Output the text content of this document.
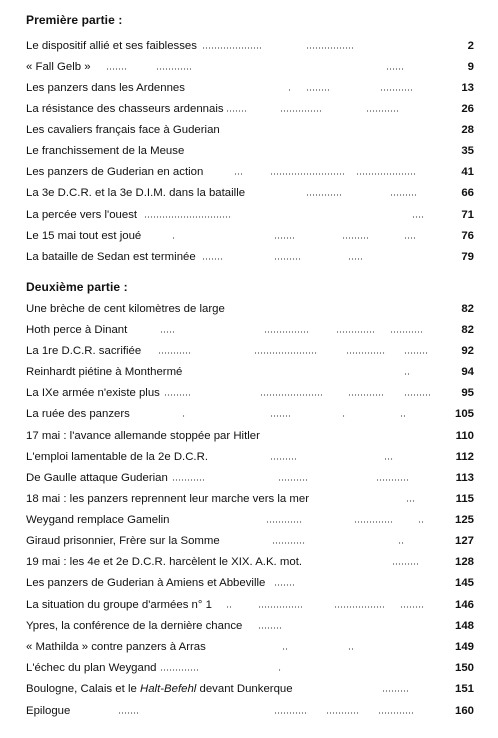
Première partie :
Le dispositif allié et ses faiblesses	2
« Fall Gelb »	9
Les panzers dans les Ardennes	13
La résistance des chasseurs ardennais	26
Les cavaliers français face à Guderian	28
Le franchissement de la Meuse	35
Les panzers de Guderian en action	41
La 3e D.C.R. et la 3e D.I.M. dans la bataille	66
La percée vers l'ouest	71
Le 15 mai tout est joué	76
La bataille de Sedan est terminée	79
Deuxième partie :
Une brèche de cent kilomètres de large	82
Hoth perce à Dinant	82
La 1re D.C.R. sacrifiée	92
Reinhardt piétine à Monthermé	94
La IXe armée n'existe plus	95
La ruée des panzers	105
17 mai : l'avance allemande stoppée par Hitler	110
L'emploi lamentable de la 2e D.C.R.	112
De Gaulle attaque Guderian	113
18 mai : les panzers reprennent leur marche vers la mer	115
Weygand remplace Gamelin	125
Giraud prisonnier, Frère sur la Somme	127
19 mai : les 4e et 2e D.C.R. harcèlent le XIX. A.K. mot.	128
Les panzers de Guderian à Amiens et Abbeville	145
La situation du groupe d'armées n° 1	146
Ypres, la conférence de la dernière chance	148
« Mathilda » contre panzers à Arras	149
L'échec du plan Weygand	150
Boulogne, Calais et le Halt-Befehl devant Dunkerque	151
Epilogue	160
